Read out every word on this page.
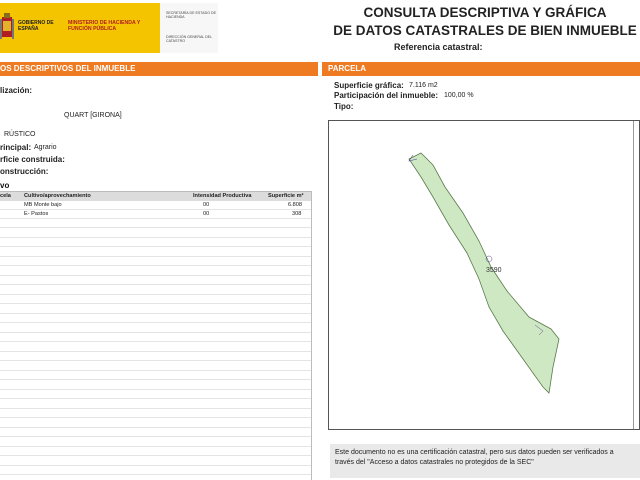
GOBIERNO DE ESPAÑA
MINISTERIO DE HACIENDA Y FUNCIÓN PÚBLICA
SECRETARÍA DE ESTADO DE HACIENDA
DIRECCIÓN GENERAL DEL CATASTRO
CONSULTA DESCRIPTIVA Y GRÁFICA
DE DATOS CATASTRALES DE BIEN INMUEBLE
Referencia catastral:
OS DESCRIPTIVOS DEL INMUEBLE
lización:
QUART [GIRONA]
RÚSTICO
rincipal: Agrario
rficie construida:
onstrucción:
vo
cela Cultivo/aprovechamiento	Intensidad Productiva	Superficie m²
MB Monte bajo	00	6.808
E- Pastos	00	308
PARCELA
Superficie gráfica: 7.116 m2
Participación del inmueble: 100,00 %
Tipo:
3590
Este documento no es una certificación catastral, pero sus datos pueden ser verificados a
través del "Acceso a datos catastrales no protegidos de la SEC"
